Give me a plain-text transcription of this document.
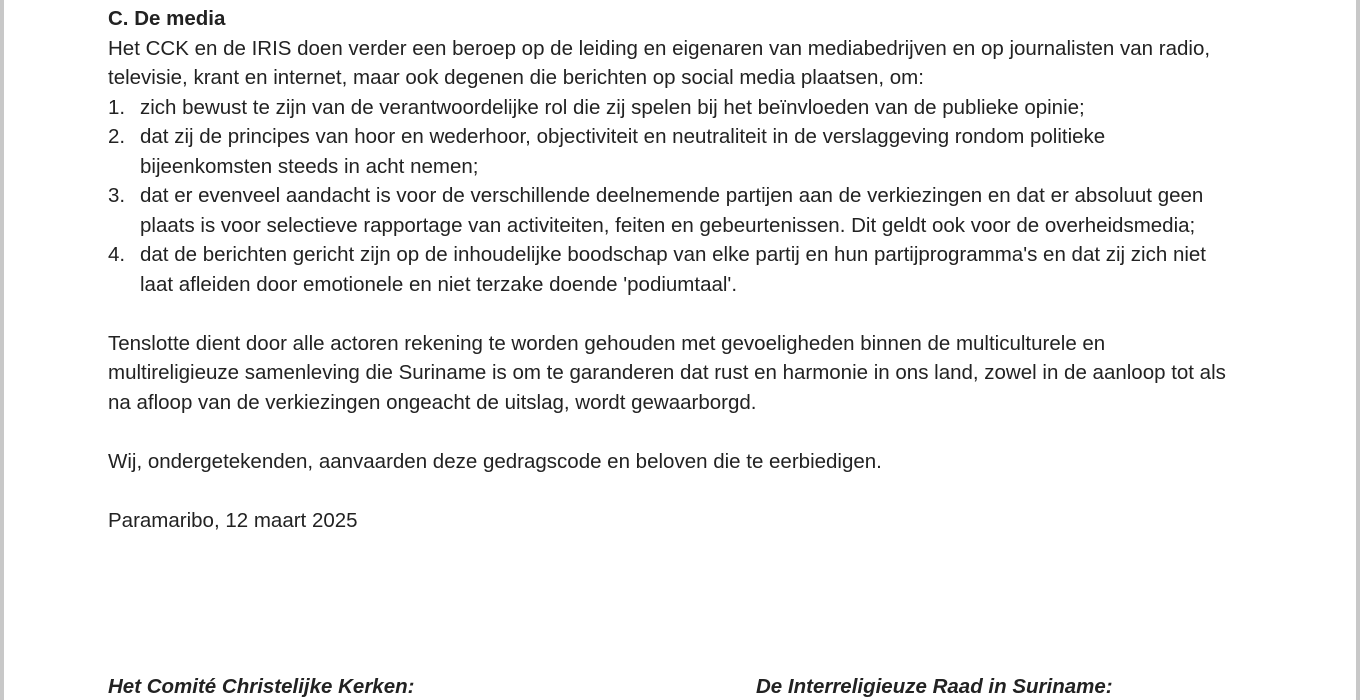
C. De media

Het CCK en de IRIS doen verder een beroep op de leiding en eigenaren van mediabedrijven en op journalisten van radio, televisie, krant en internet, maar ook degenen die berichten op social media plaatsen, om:

1. zich bewust te zijn van de verantwoordelijke rol die zij spelen bij het beïnvloeden van de publieke opinie;
2. dat zij de principes van hoor en wederhoor, objectiviteit en neutraliteit in de verslaggeving rondom politieke bijeenkomsten steeds in acht nemen;
3. dat er evenveel aandacht is voor de verschillende deelnemende partijen aan de verkiezingen en dat er absoluut geen plaats is voor selectieve rapportage van activiteiten, feiten en gebeurtenissen. Dit geldt ook voor de overheidsmedia;
4. dat de berichten gericht zijn op de inhoudelijke boodschap van elke partij en hun partijprogramma's en dat zij zich niet laat afleiden door emotionele en niet terzake doende 'podiumtaal'.

Tenslotte dient door alle actoren rekening te worden gehouden met gevoeligheden binnen de multiculturele en multireligieuze samenleving die Suriname is om te garanderen dat rust en harmonie in ons land, zowel in de aanloop tot als na afloop van de verkiezingen ongeacht de uitslag, wordt gewaarborgd.

Wij, ondergetekenden, aanvaarden deze gedragscode en beloven die te eerbiedigen.

Paramaribo, 12 maart 2025

Het Comité Christelijke Kerken:	De Interreligieuze Raad in Suriname:
